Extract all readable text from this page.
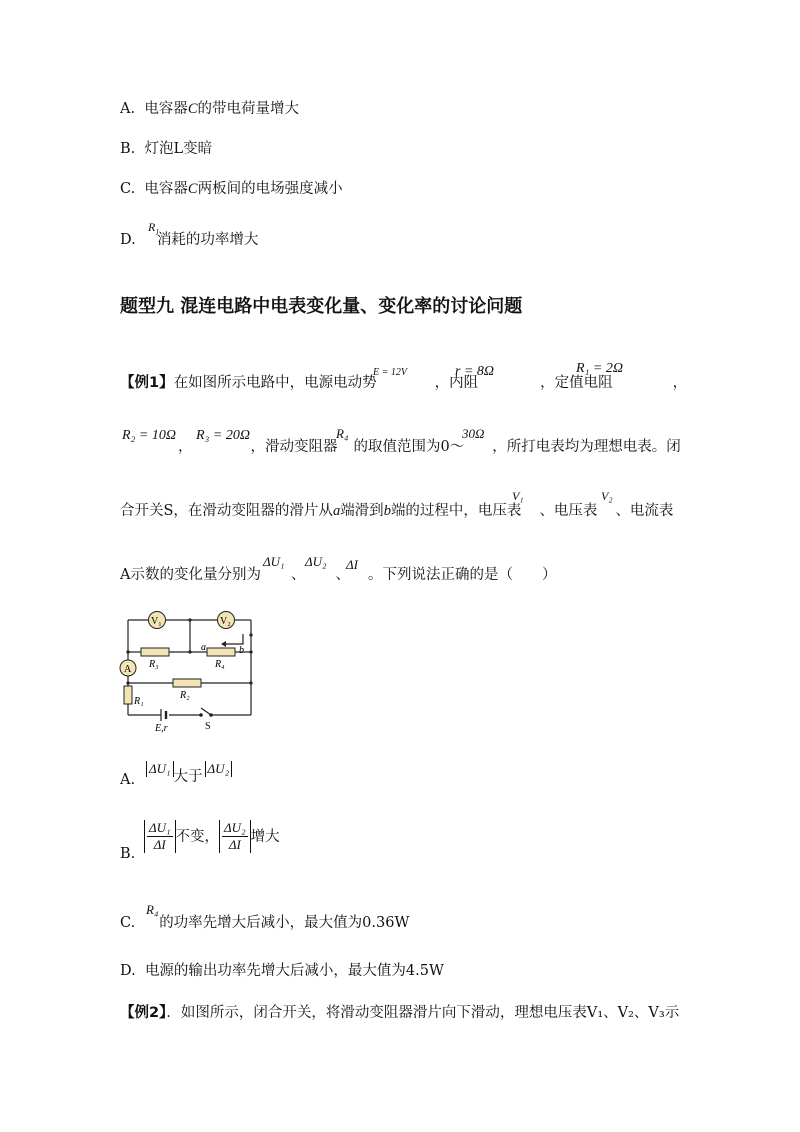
A. 电容器C的带电荷量增大
B. 灯泡L变暗
C. 电容器C两板间的电场强度减小
D. 消耗的功率增大
$R_1$
题型九 混连电路中电表变化量、变化率的讨论问题
【例1】在如图所示电路中，电源电动势	，内阻	，定值电阻	，
E = 12V	r = 8Ω	R₁ = 2Ω
R₂ = 10Ω
，	，滑动变阻器 的取值范围为0～ ，所打电表均为理想电表。闭
R₃ = 20Ω	R₄	30Ω
合开关S，在滑动变阻器的滑片从a端滑到b端的过程中，电压表 、电压表 、电流表
V₁	V₂
A示数的变化量分别为 、 、 。下列说法正确的是（　　）
ΔU₁ ΔU₂ ΔI
V₁	V₂
A R₃	R₄
R₂
R₁
a	b
E,r	S
A.
ΔU₁大于ΔU₂
B.
$\frac{\text{ΔU₁}}{\Delta I}$ 不变， $\frac{\text{ΔU₂}}{\Delta I}$ 增大
C. 的功率先增大后减小，最大值为0.36W
R₄
D. 电源的输出功率先增大后减小，最大值为4.5W
【例2】．如图所示，闭合开关，将滑动变阻器滑片向下滑动，理想电压表V₁、V₂、V₃示
